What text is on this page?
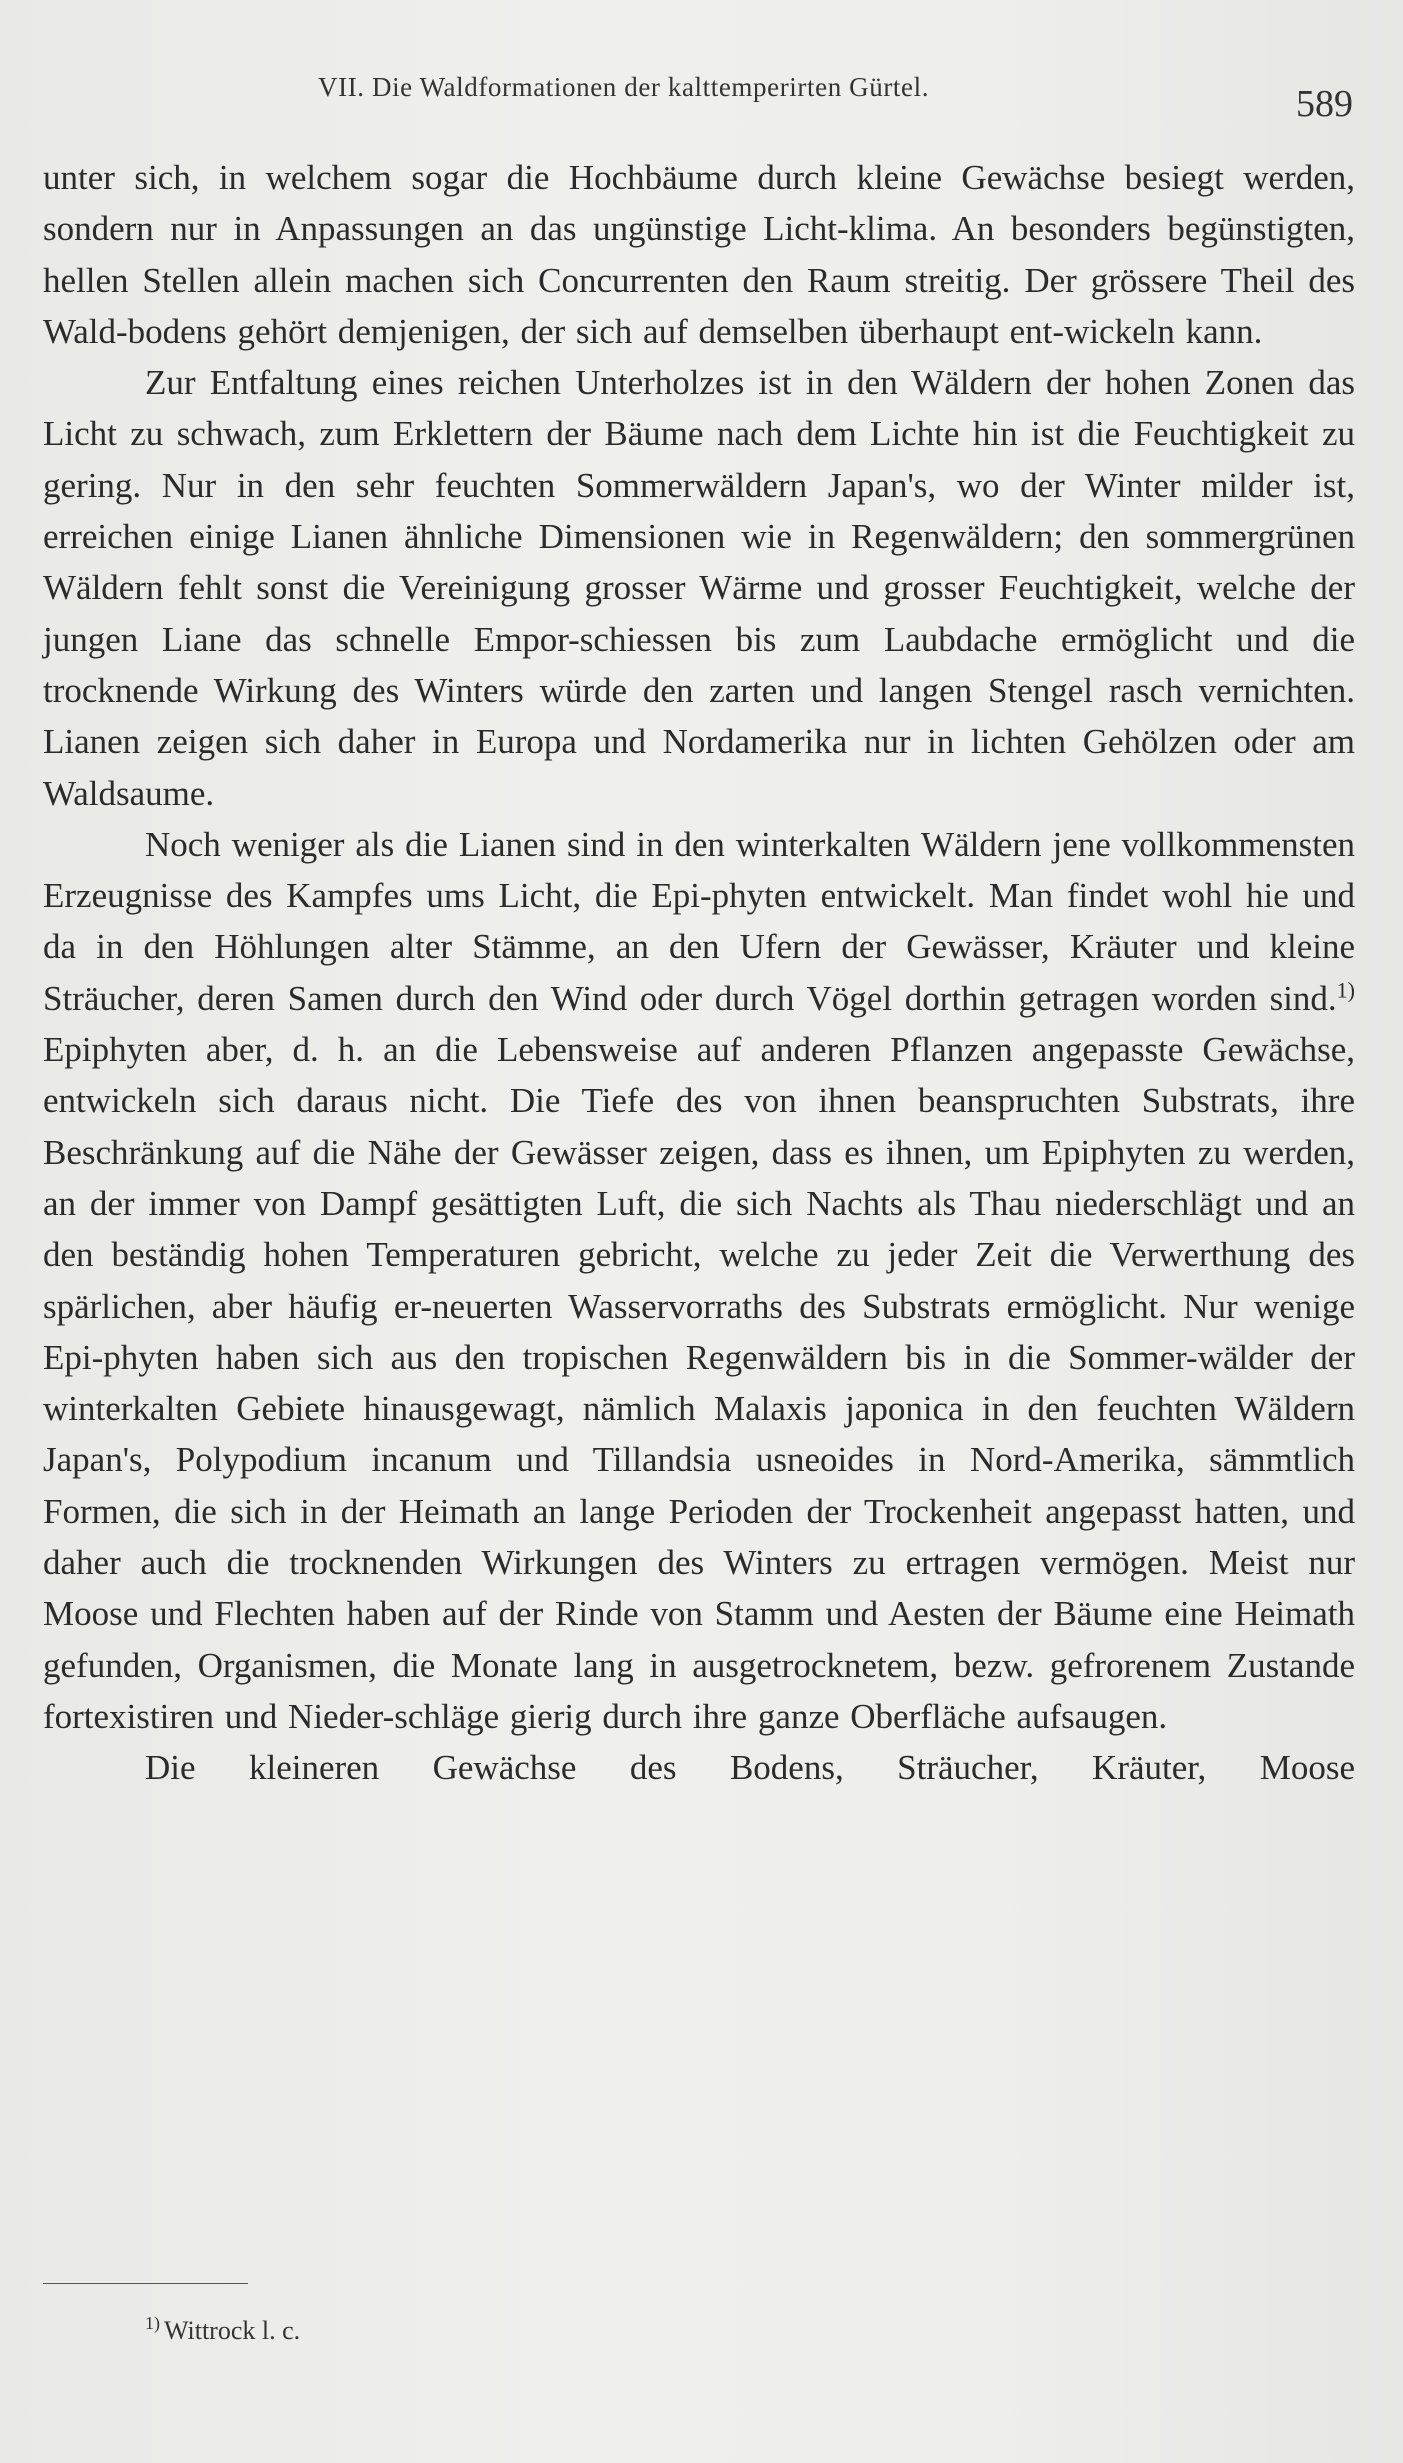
VII. Die Waldformationen der kalttemperirten Gürtel.	589

unter sich, in welchem sogar die Hochbäume durch kleine Gewächse besiegt werden, sondern nur in Anpassungen an das ungünstige Licht-klima. An besonders begünstigten, hellen Stellen allein machen sich Concurrenten den Raum streitig. Der grössere Theil des Wald-bodens gehört demjenigen, der sich auf demselben überhaupt ent-wickeln kann.

Zur Entfaltung eines reichen Unterholzes ist in den Wäldern der hohen Zonen das Licht zu schwach, zum Erklettern der Bäume nach dem Lichte hin ist die Feuchtigkeit zu gering. Nur in den sehr feuchten Sommerwäldern Japan's, wo der Winter milder ist, erreichen einige Lianen ähnliche Dimensionen wie in Regenwäldern; den sommergrünen Wäldern fehlt sonst die Vereinigung grosser Wärme und grosser Feuchtigkeit, welche der jungen Liane das schnelle Empor-schiessen bis zum Laubdache ermöglicht und die trocknende Wirkung des Winters würde den zarten und langen Stengel rasch vernichten. Lianen zeigen sich daher in Europa und Nordamerika nur in lichten Gehölzen oder am Waldsaume.

Noch weniger als die Lianen sind in den winterkalten Wäldern jene vollkommensten Erzeugnisse des Kampfes ums Licht, die Epi-phyten entwickelt. Man findet wohl hie und da in den Höhlungen alter Stämme, an den Ufern der Gewässer, Kräuter und kleine Sträucher, deren Samen durch den Wind oder durch Vögel dorthin getragen worden sind.$^{1)}$ Epiphyten aber, d. h. an die Lebensweise auf anderen Pflanzen angepasste Gewächse, entwickeln sich daraus nicht. Die Tiefe des von ihnen beanspruchten Substrats, ihre Beschränkung auf die Nähe der Gewässer zeigen, dass es ihnen, um Epiphyten zu werden, an der immer von Dampf gesättigten Luft, die sich Nachts als Thau niederschlägt und an den beständig hohen Temperaturen gebricht, welche zu jeder Zeit die Verwerthung des spärlichen, aber häufig er-neuerten Wasservorraths des Substrats ermöglicht. Nur wenige Epi-phyten haben sich aus den tropischen Regenwäldern bis in die Sommer-wälder der winterkalten Gebiete hinausgewagt, nämlich Malaxis japonica in den feuchten Wäldern Japan's, Polypodium incanum und Tillandsia usneoides in Nord-Amerika, sämmtlich Formen, die sich in der Heimath an lange Perioden der Trockenheit angepasst hatten, und daher auch die trocknenden Wirkungen des Winters zu ertragen vermögen. Meist nur Moose und Flechten haben auf der Rinde von Stamm und Aesten der Bäume eine Heimath gefunden, Organismen, die Monate lang in ausgetrocknetem, bezw. gefrorenem Zustande fortexistiren und Nieder-schläge gierig durch ihre ganze Oberfläche aufsaugen.

Die kleineren Gewächse des Bodens, Sträucher, Kräuter, Moose

$^{1)}$ Wittrock l. c.
